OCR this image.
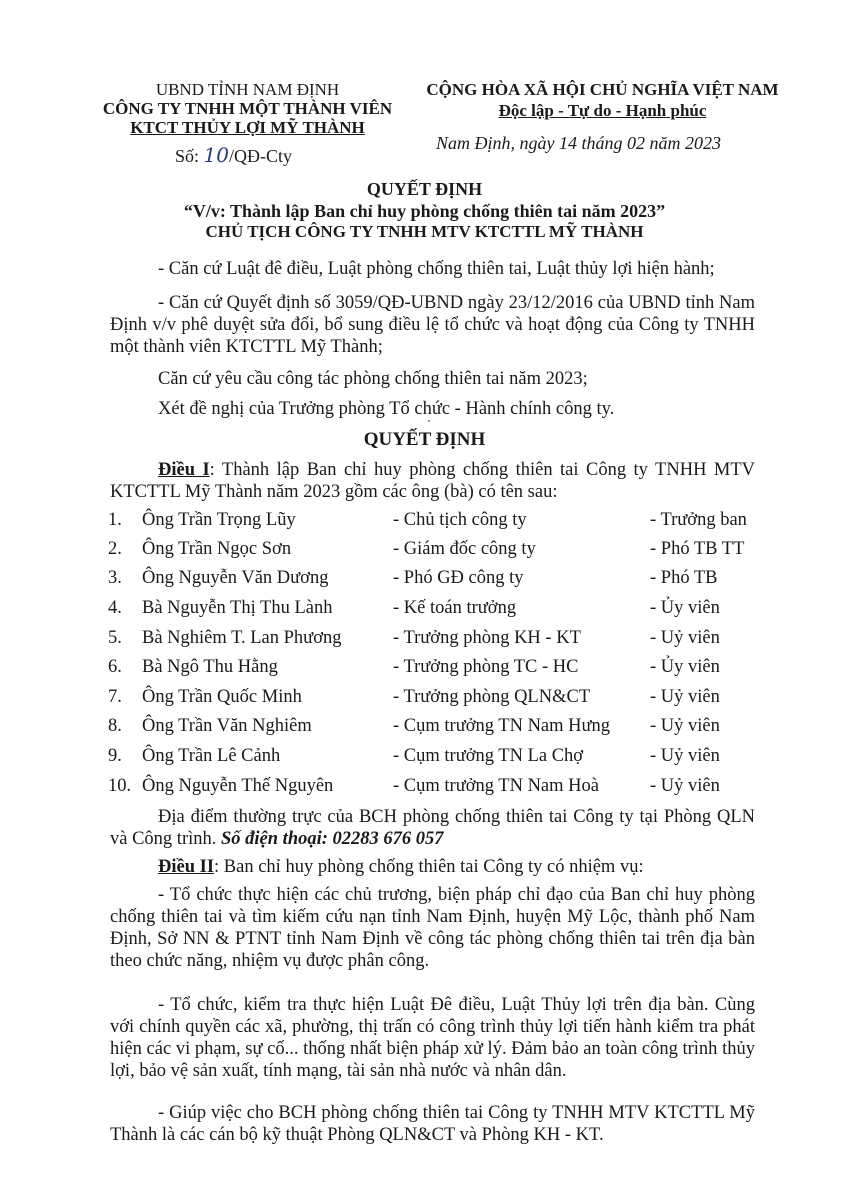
UBND TỈNH NAM ĐỊNH
CÔNG TY TNHH MỘT THÀNH VIÊN
KTCT THỦY LỢI MỸ THÀNH
Số: 10/QĐ-Cty
CỘNG HÒA XÃ HỘI CHỦ NGHĨA VIỆT NAM
Độc lập - Tự do - Hạnh phúc
Nam Định, ngày 14 tháng 02 năm 2023
QUYẾT ĐỊNH
“V/v: Thành lập Ban chỉ huy phòng chống thiên tai năm 2023”
CHỦ TỊCH CÔNG TY TNHH MTV KTCTTL MỸ THÀNH
- Căn cứ Luật đê điều, Luật phòng chống thiên tai, Luật thủy lợi hiện hành;
- Căn cứ Quyết định số 3059/QĐ-UBND ngày 23/12/2016 của UBND tỉnh Nam Định v/v phê duyệt sửa đổi, bổ sung điều lệ tổ chức và hoạt động của Công ty TNHH một thành viên KTCTTL Mỹ Thành;
Căn cứ yêu cầu công tác phòng chống thiên tai năm 2023;
Xét đề nghị của Trưởng phòng Tổ chức - Hành chính công ty.
QUYẾT ĐỊNH
Điều I: Thành lập Ban chỉ huy phòng chống thiên tai Công ty TNHH MTV KTCTTL Mỹ Thành năm 2023 gồm các ông (bà) có tên sau:
1. Ông Trần Trọng Lũy	- Chủ tịch công ty	- Trưởng ban
2. Ông Trần Ngọc Sơn	- Giám đốc công ty	- Phó TB TT
3. Ông Nguyễn Văn Dương	- Phó GĐ công ty	- Phó TB
4. Bà Nguyễn Thị Thu Lành	- Kế toán trưởng	- Ủy viên
5. Bà Nghiêm T. Lan Phương	- Trưởng phòng KH - KT	- Uỷ viên
6. Bà Ngô Thu Hằng	- Trưởng phòng TC - HC	- Ủy viên
7. Ông Trần Quốc Minh	- Trưởng phòng QLN&CT	- Uỷ viên
8. Ông Trần Văn Nghiêm	- Cụm trưởng TN Nam Hưng - Uỷ viên
9. Ông Trần Lê Cảnh	- Cụm trưởng TN La Chợ	- Uỷ viên
10. Ông Nguyễn Thế Nguyên	- Cụm trưởng TN Nam Hoà	- Uỷ viên
Địa điểm thường trực của BCH phòng chống thiên tai Công ty tại Phòng QLN và Công trình. Số điện thoại: 02283 676 057
Điều II: Ban chỉ huy phòng chống thiên tai Công ty có nhiệm vụ:
- Tổ chức thực hiện các chủ trương, biện pháp chỉ đạo của Ban chỉ huy phòng chống thiên tai và tìm kiếm cứu nạn tỉnh Nam Định, huyện Mỹ Lộc, thành phố Nam Định, Sở NN & PTNT tỉnh Nam Định về công tác phòng chống thiên tai trên địa bàn theo chức năng, nhiệm vụ được phân công.
- Tổ chức, kiểm tra thực hiện Luật Đê điều, Luật Thủy lợi trên địa bàn. Cùng với chính quyền các xã, phường, thị trấn có công trình thủy lợi tiến hành kiểm tra phát hiện các vi phạm, sự cố... thống nhất biện pháp xử lý. Đảm bảo an toàn công trình thủy lợi, bảo vệ sản xuất, tính mạng, tài sản nhà nước và nhân dân.
- Giúp việc cho BCH phòng chống thiên tai Công ty TNHH MTV KTCTTL Mỹ Thành là các cán bộ kỹ thuật Phòng QLN&CT và Phòng KH - KT.
